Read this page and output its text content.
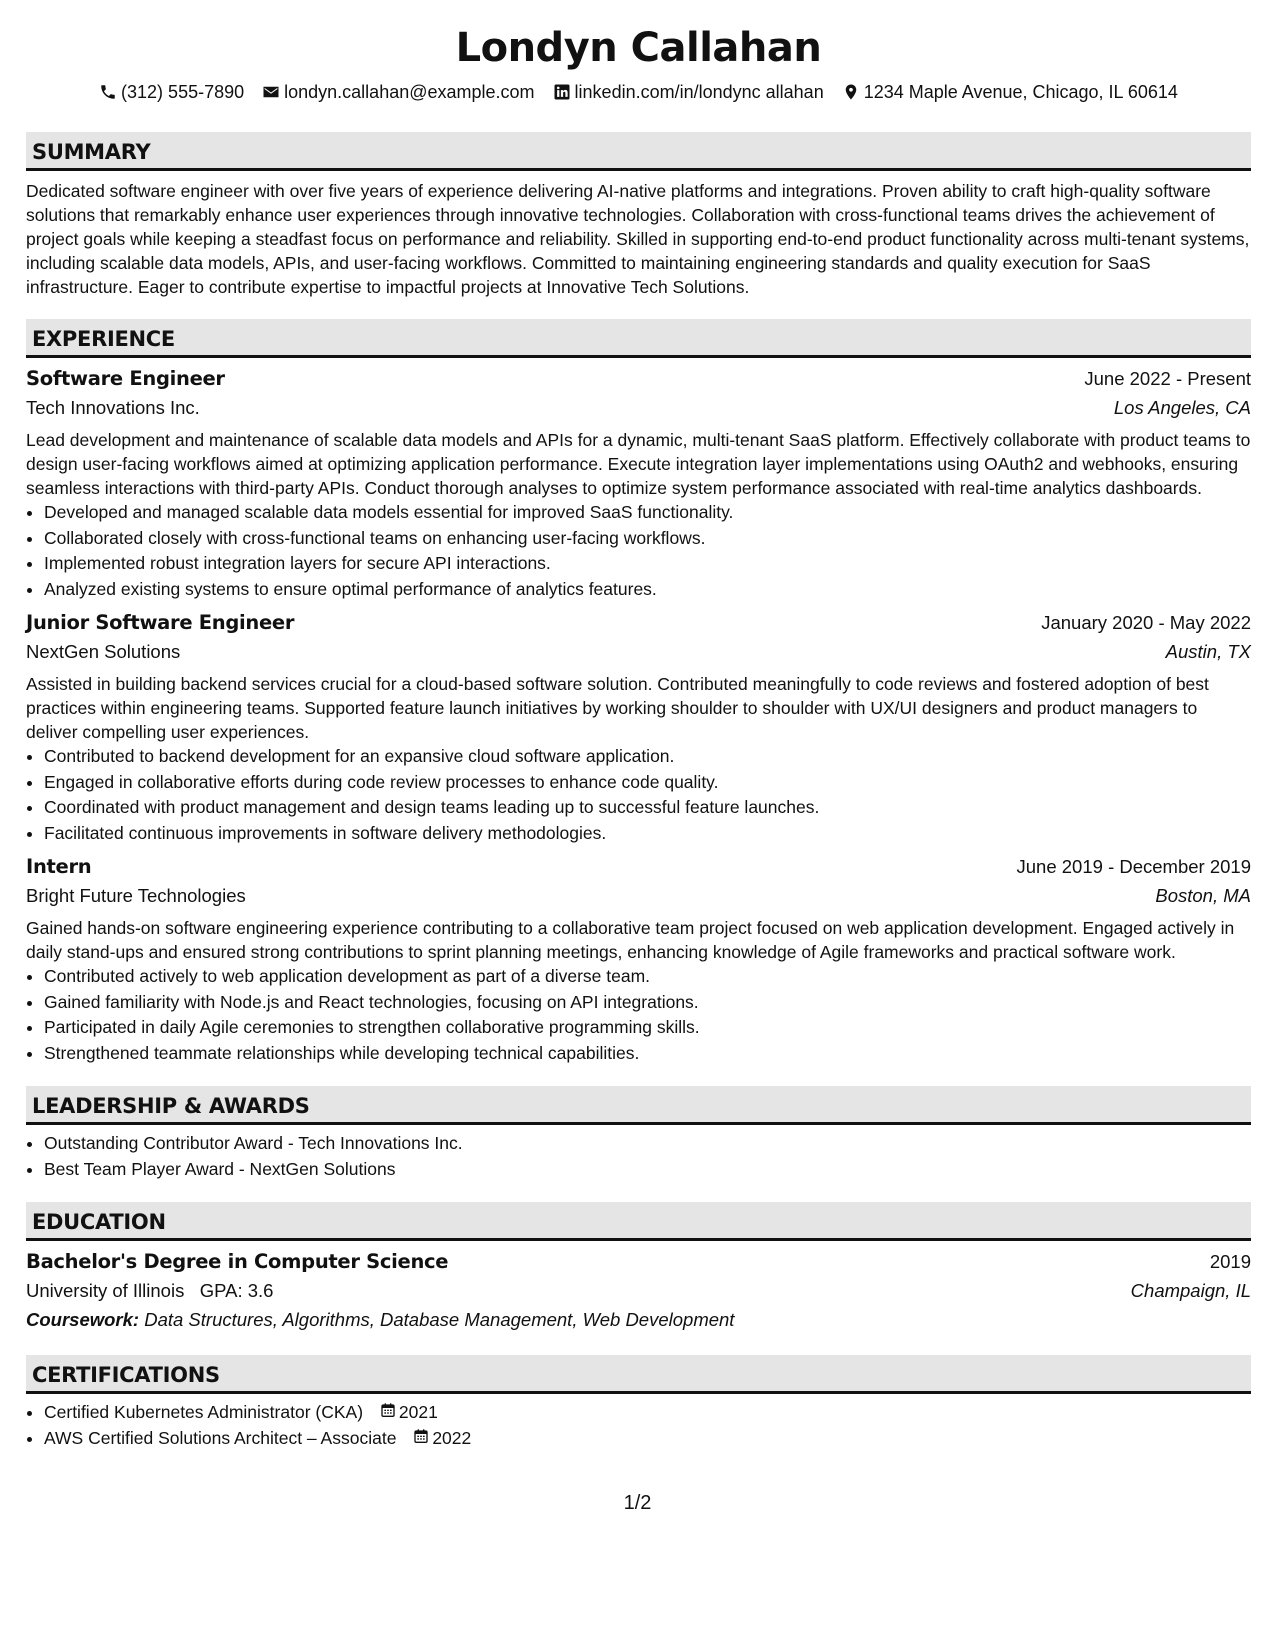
Londyn Callahan
(312) 555-7890 londyn.callahan@example.com linkedin.com/in/londync allahan 1234 Maple Avenue, Chicago, IL 60614
SUMMARY

Dedicated software engineer with over five years of experience delivering AI-native platforms and integrations. Proven ability to craft high-quality software solutions that remarkably enhance user experiences through innovative technologies. Collaboration with cross-functional teams drives the achievement of project goals while keeping a steadfast focus on performance and reliability. Skilled in supporting end-to-end product functionality across multi-tenant systems, including scalable data models, APIs, and user-facing workflows. Committed to maintaining engineering standards and quality execution for SaaS infrastructure. Eager to contribute expertise to impactful projects at Innovative Tech Solutions.

EXPERIENCE
Software Engineer	June 2022 - Present
Tech Innovations Inc.	Los Angeles, CA

Lead development and maintenance of scalable data models and APIs for a dynamic, multi-tenant SaaS platform. Effectively collaborate with product teams to design user-facing workflows aimed at optimizing application performance. Execute integration layer implementations using OAuth2 and webhooks, ensuring seamless interactions with third-party APIs. Conduct thorough analyses to optimize system performance associated with real-time analytics dashboards.

• Developed and managed scalable data models essential for improved SaaS functionality.
• Collaborated closely with cross-functional teams on enhancing user-facing workflows.
• Implemented robust integration layers for secure API interactions.
• Analyzed existing systems to ensure optimal performance of analytics features.
Junior Software Engineer	January 2020 - May 2022
NextGen Solutions	Austin, TX

Assisted in building backend services crucial for a cloud-based software solution. Contributed meaningfully to code reviews and fostered adoption of best practices within engineering teams. Supported feature launch initiatives by working shoulder to shoulder with UX/UI designers and product managers to deliver compelling user experiences.

• Contributed to backend development for an expansive cloud software application.
• Engaged in collaborative efforts during code review processes to enhance code quality.
• Coordinated with product management and design teams leading up to successful feature launches.
• Facilitated continuous improvements in software delivery methodologies.
Intern	June 2019 - December 2019
Bright Future Technologies	Boston, MA

Gained hands-on software engineering experience contributing to a collaborative team project focused on web application development. Engaged actively in daily stand-ups and ensured strong contributions to sprint planning meetings, enhancing knowledge of Agile frameworks and practical software work.

• Contributed actively to web application development as part of a diverse team.
• Gained familiarity with Node.js and React technologies, focusing on API integrations.
• Participated in daily Agile ceremonies to strengthen collaborative programming skills.
• Strengthened teammate relationships while developing technical capabilities.
LEADERSHIP & AWARDS
• Outstanding Contributor Award - Tech Innovations Inc.
• Best Team Player Award - NextGen Solutions
EDUCATION
Bachelor's Degree in Computer Science	2019
University of Illinois GPA: 3.6	Champaign, IL
Coursework: Data Structures, Algorithms, Database Management, Web Development
CERTIFICATIONS
• Certified Kubernetes Administrator (CKA) 2021
• AWS Certified Solutions Architect – Associate 2022
1/2
